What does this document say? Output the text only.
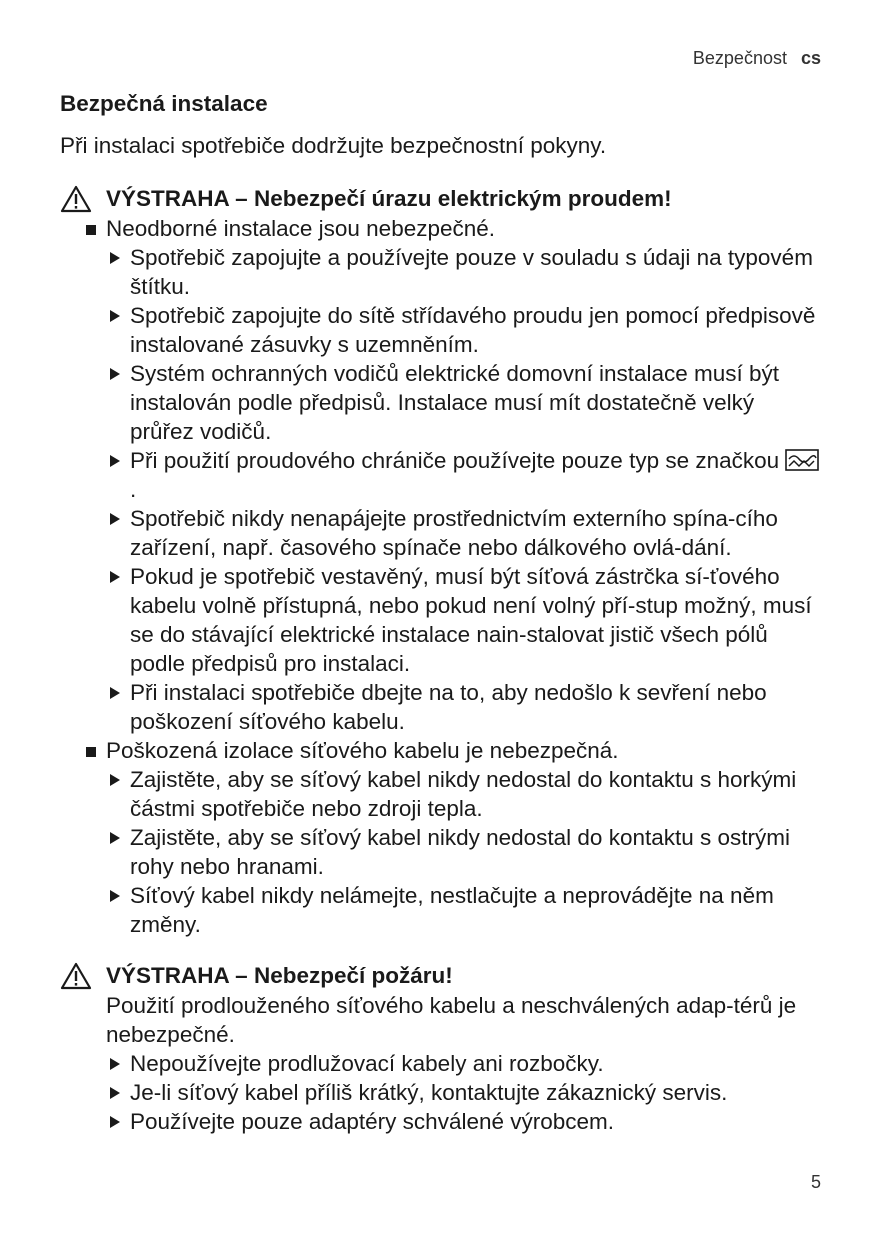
Bezpečnost cs
Bezpečná instalace

Při instalaci spotřebiče dodržujte bezpečnostní pokyny.

VÝSTRAHA – Nebezpečí úrazu elektrickým proudem!
Neodborné instalace jsou nebezpečné.
Spotřebič zapojujte a používejte pouze v souladu s údaji na typovém štítku.
Spotřebič zapojujte do sítě střídavého proudu jen pomocí předpisově instalované zásuvky s uzemněním.
Systém ochranných vodičů elektrické domovní instalace musí být instalován podle předpisů. Instalace musí mít dostatečně velký průřez vodičů.
Při použití proudového chrániče používejte pouze typ se značkou .
Spotřebič nikdy nenapájejte prostřednictvím externího spína-cího zařízení, např. časového spínače nebo dálkového ovlá-dání.
Pokud je spotřebič vestavěný, musí být síťová zástrčka sí-ťového kabelu volně přístupná, nebo pokud není volný pří-stup možný, musí se do stávající elektrické instalace nain-stalovat jistič všech pólů podle předpisů pro instalaci.
Při instalaci spotřebiče dbejte na to, aby nedošlo k sevření nebo poškození síťového kabelu.
Poškozená izolace síťového kabelu je nebezpečná.
Zajistěte, aby se síťový kabel nikdy nedostal do kontaktu s horkými částmi spotřebiče nebo zdroji tepla.
Zajistěte, aby se síťový kabel nikdy nedostal do kontaktu s ostrými rohy nebo hranami.
Síťový kabel nikdy nelámejte, nestlačujte a neprovádějte na něm změny.
VÝSTRAHA – Nebezpečí požáru!
Použití prodlouženého síťového kabelu a neschválených adap-térů je nebezpečné.
Nepoužívejte prodlužovací kabely ani rozbočky.
Je-li síťový kabel příliš krátký, kontaktujte zákaznický servis.
Používejte pouze adaptéry schválené výrobcem.
5
